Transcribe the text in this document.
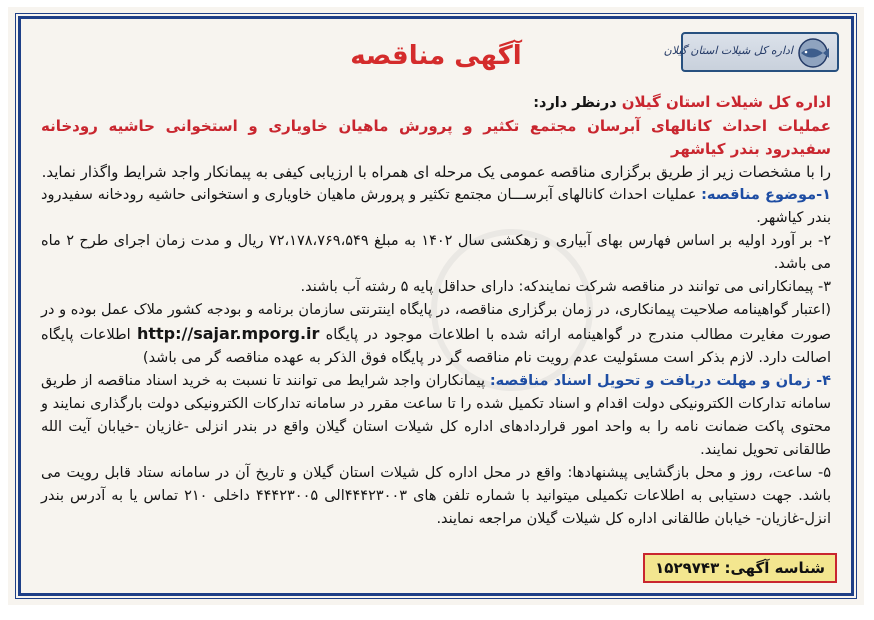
اداره کل شیلات استان گیلان
آگهی مناقصه

اداره کل شیلات استان گیلان درنظر دارد:

عملیات احداث کانالهای آبرسان مجتمع تکثیر و پرورش ماهیان خاویاری و استخوانی حاشیه رودخانه سفیدرود بندر کیاشهر

را با مشخصات زیر از طریق برگزاری مناقصه عمومی یک مرحله ای همراه با ارزیابی کیفی به پیمانکار واجد شرایط واگذار نماید.

۱-موضوع مناقصه: عملیات احداث کانالهای آبرســـان مجتمع تکثیر و پرورش ماهیان خاویاری و استخوانی حاشیه رودخانه سفیدرود بندر کیاشهر.

۲- بر آورد اولیه بر اساس فهارس بهای آبیاری و زهکشی سال ۱۴۰۲ به مبلغ ۷۲،۱۷۸،۷۶۹،۵۴۹ ریال و مدت زمان اجرای طرح ۲ ماه می باشد.

۳- پیمانکارانی می توانند در مناقصه شرکت نمایندکه: دارای حداقل پایه ۵ رشته آب باشند.

(اعتبار گواهینامه صلاحیت پیمانکاری، در زمان برگزاری مناقصه، در پایگاه اینترنتی سازمان برنامه و بودجه کشور ملاک عمل بوده و در صورت مغایرت مطالب مندرج در گواهینامه ارائه شده با اطلاعات موجود در پایگاه http://sajar.mporg.ir اطلاعات پایگاه اصالت دارد. لازم بذکر است مسئولیت عدم رویت نام مناقصه گر در پایگاه فوق الذکر به عهده مناقصه گر می باشد)

۴- زمان و مهلت دریافت و تحویل اسناد مناقصه: پیمانکاران واجد شرایط می توانند تا نسبت به خرید اسناد مناقصه از طریق سامانه تدارکات الکترونیکی دولت اقدام و اسناد تکمیل شده را تا ساعت مقرر در سامانه تدارکات الکترونیکی دولت بارگذاری نمایند و محتوی پاکت ضمانت نامه را به واحد امور قراردادهای اداره کل شیلات استان گیلان واقع در بندر انزلی -غازیان -خیابان آیت الله طالقانی تحویل نمایند.

۵- ساعت، روز و محل بازگشایی پیشنهادها: واقع در محل اداره کل شیلات استان گیلان و تاریخ آن در سامانه ستاد قابل رویت می باشد. جهت دستیابی به اطلاعات تکمیلی میتوانید با شماره تلفن های ۴۴۴۲۳۰۰۳الی ۴۴۴۲۳۰۰۵ داخلی ۲۱۰ تماس یا به آدرس بندر انزل-غازیان- خیابان طالقانی اداره کل شیلات گیلان مراجعه نمایند.

شناسه آگهی: ۱۵۲۹۷۴۳
